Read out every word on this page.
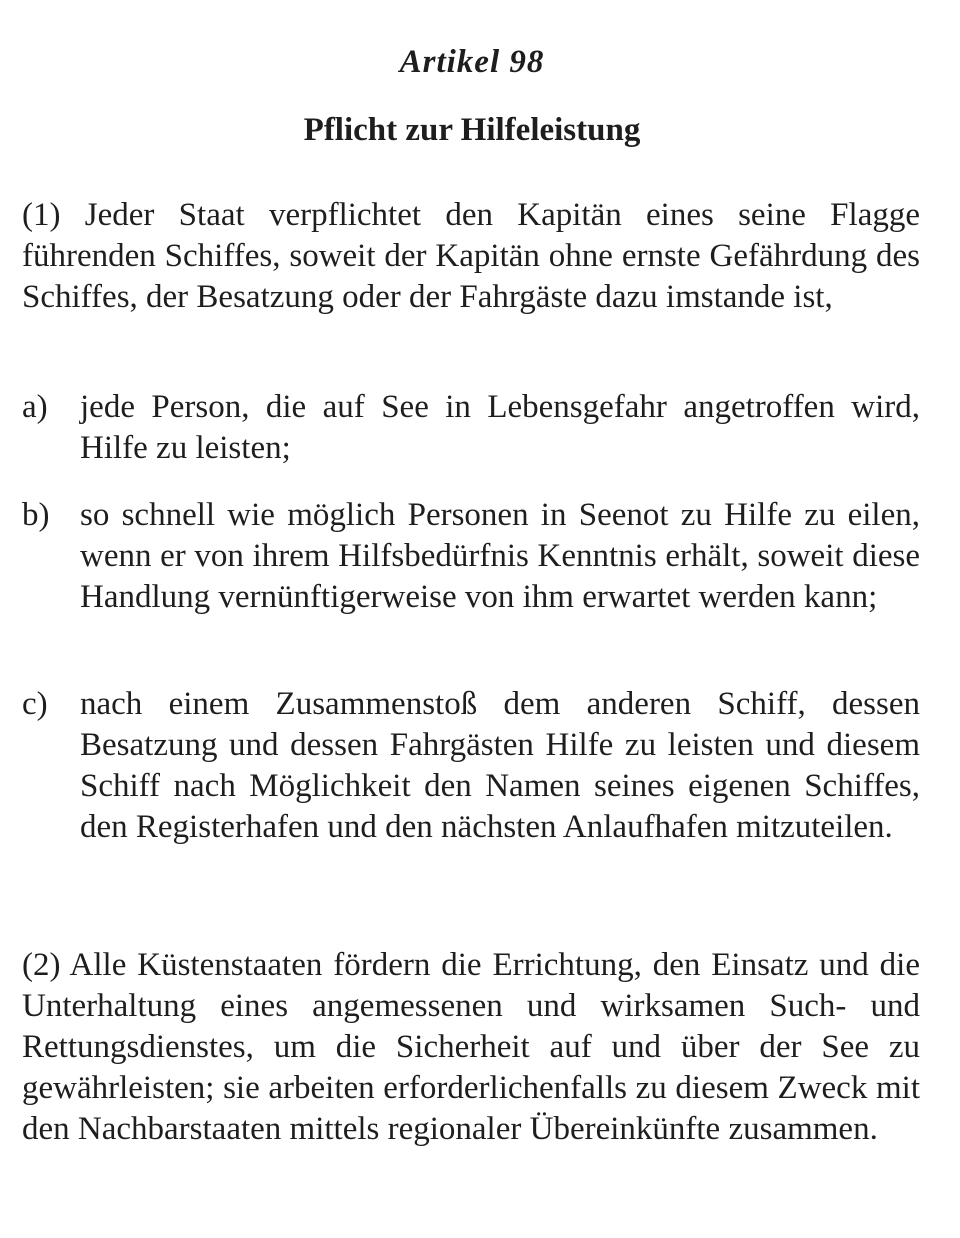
Artikel 98
Pflicht zur Hilfeleistung

(1) Jeder Staat verpflichtet den Kapitän eines seine Flagge führenden Schiffes, soweit der Kapitän ohne ernste Gefährdung des Schiffes, der Besatzung oder der Fahrgäste dazu imstande ist,

a) jede Person, die auf See in Lebensgefahr angetroffen wird, Hilfe zu leisten;
b) so schnell wie möglich Personen in Seenot zu Hilfe zu eilen, wenn er von ihrem Hilfsbedürfnis Kenntnis erhält, soweit diese Handlung vernünftigerweise von ihm erwartet werden kann;
c) nach einem Zusammenstoß dem anderen Schiff, dessen Besatzung und dessen Fahrgästen Hilfe zu leisten und diesem Schiff nach Möglichkeit den Namen seines eigenen Schiffes, den Registerhafen und den nächsten Anlaufhafen mitzuteilen.

(2) Alle Küstenstaaten fördern die Errichtung, den Einsatz und die Unterhaltung eines angemessenen und wirksamen Such- und Rettungsdienstes, um die Sicherheit auf und über der See zu gewährleisten; sie arbeiten erforderlichenfalls zu diesem Zweck mit den Nachbarstaaten mittels regionaler Übereinkünfte zusammen.
